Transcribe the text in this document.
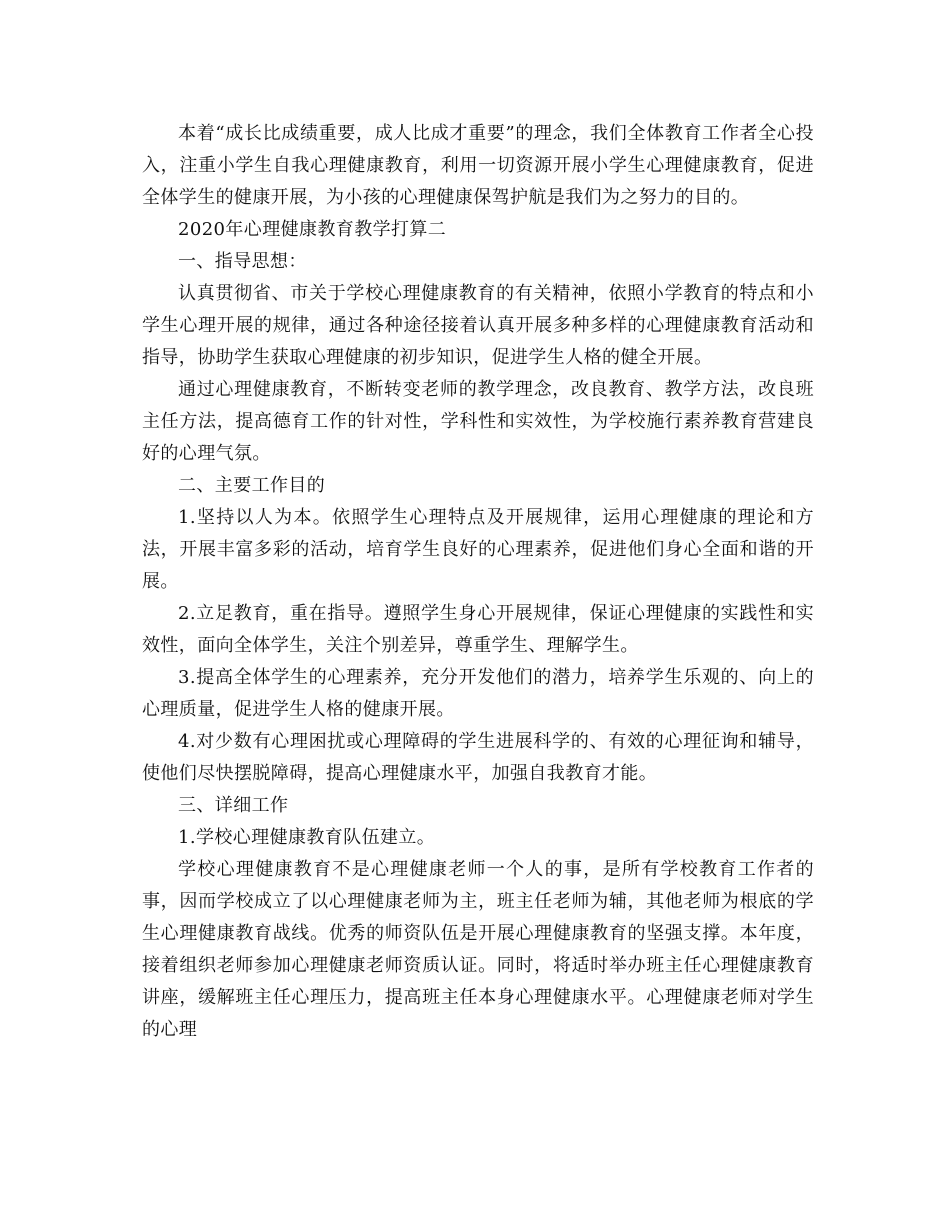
本着“成长比成绩重要，成人比成才重要”的理念，我们全体教育工作者全心投入，注重小学生自我心理健康教育，利用一切资源开展小学生心理健康教育，促进全体学生的健康开展，为小孩的心理健康保驾护航是我们为之努力的目的。

2020年心理健康教育教学打算二

一、指导思想：

认真贯彻省、市关于学校心理健康教育的有关精神，依照小学教育的特点和小学生心理开展的规律，通过各种途径接着认真开展多种多样的心理健康教育活动和指导，协助学生获取心理健康的初步知识，促进学生人格的健全开展。

通过心理健康教育，不断转变老师的教学理念，改良教育、教学方法，改良班主任方法，提高德育工作的针对性，学科性和实效性，为学校施行素养教育营建良好的心理气氛。

二、主要工作目的

1.坚持以人为本。依照学生心理特点及开展规律，运用心理健康的理论和方法，开展丰富多彩的活动，培育学生良好的心理素养，促进他们身心全面和谐的开展。

2.立足教育，重在指导。遵照学生身心开展规律，保证心理健康的实践性和实效性，面向全体学生，关注个别差异，尊重学生、理解学生。

3.提高全体学生的心理素养，充分开发他们的潜力，培养学生乐观的、向上的心理质量，促进学生人格的健康开展。

4.对少数有心理困扰或心理障碍的学生进展科学的、有效的心理征询和辅导，使他们尽快摆脱障碍，提高心理健康水平，加强自我教育才能。

三、详细工作

1.学校心理健康教育队伍建立。

学校心理健康教育不是心理健康老师一个人的事，是所有学校教育工作者的事，因而学校成立了以心理健康老师为主，班主任老师为辅，其他老师为根底的学生心理健康教育战线。优秀的师资队伍是开展心理健康教育的坚强支撑。本年度，接着组织老师参加心理健康老师资质认证。同时，将适时举办班主任心理健康教育讲座，缓解班主任心理压力，提高班主任本身心理健康水平。心理健康老师对学生的心理
